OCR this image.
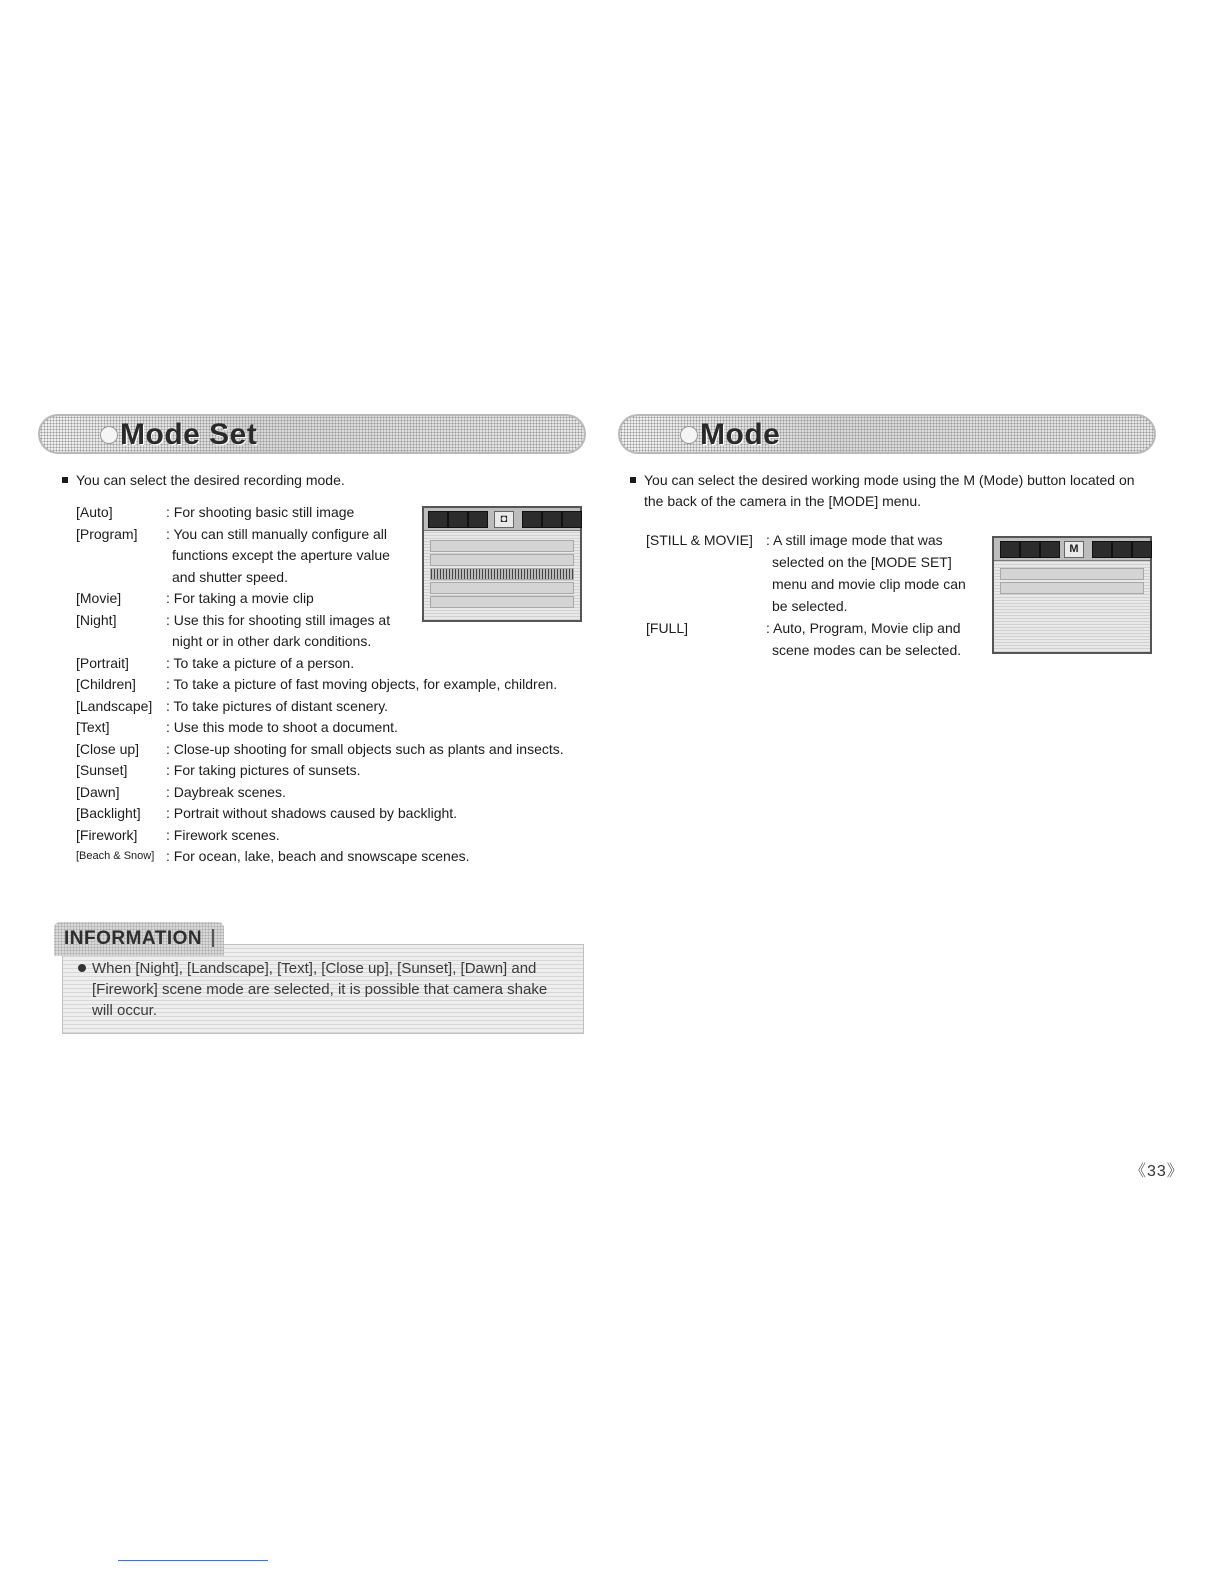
Mode Set
You can select the desired recording mode.
[Auto]	: For shooting basic still image
[Program] : You can still manually configure all
functions except the aperture value
and shutter speed.
[Movie]	: For taking a movie clip
[Night]	: Use this for shooting still images at
night or in other dark conditions.
[Portrait]	: To take a picture of a person.
[Children] : To take a picture of fast moving objects, for example, children.
[Landscape] : To take pictures of distant scenery.
[Text]	: Use this mode to shoot a document.
[Close up] : Close-up shooting for small objects such as plants and insects.
[Sunset]	: For taking pictures of sunsets.
[Dawn]	: Daybreak scenes.
[Backlight] : Portrait without shadows caused by backlight.
[Firework] : Firework scenes.
[Beach & Snow] : For ocean, lake, beach and snowscape scenes.
◘
INFORMATION
When [Night], [Landscape], [Text], [Close up], [Sunset], [Dawn] and [Firework] scene mode are selected, it is possible that camera shake will occur.
Mode
You can select the desired working mode using the M (Mode) button located on
the back of the camera in the [MODE] menu.
[STILL & MOVIE] : A still image mode that was
selected on the [MODE SET]
menu and movie clip mode can
be selected.
[FULL]	: Auto, Program, Movie clip and
scene modes can be selected.
M
《33》
